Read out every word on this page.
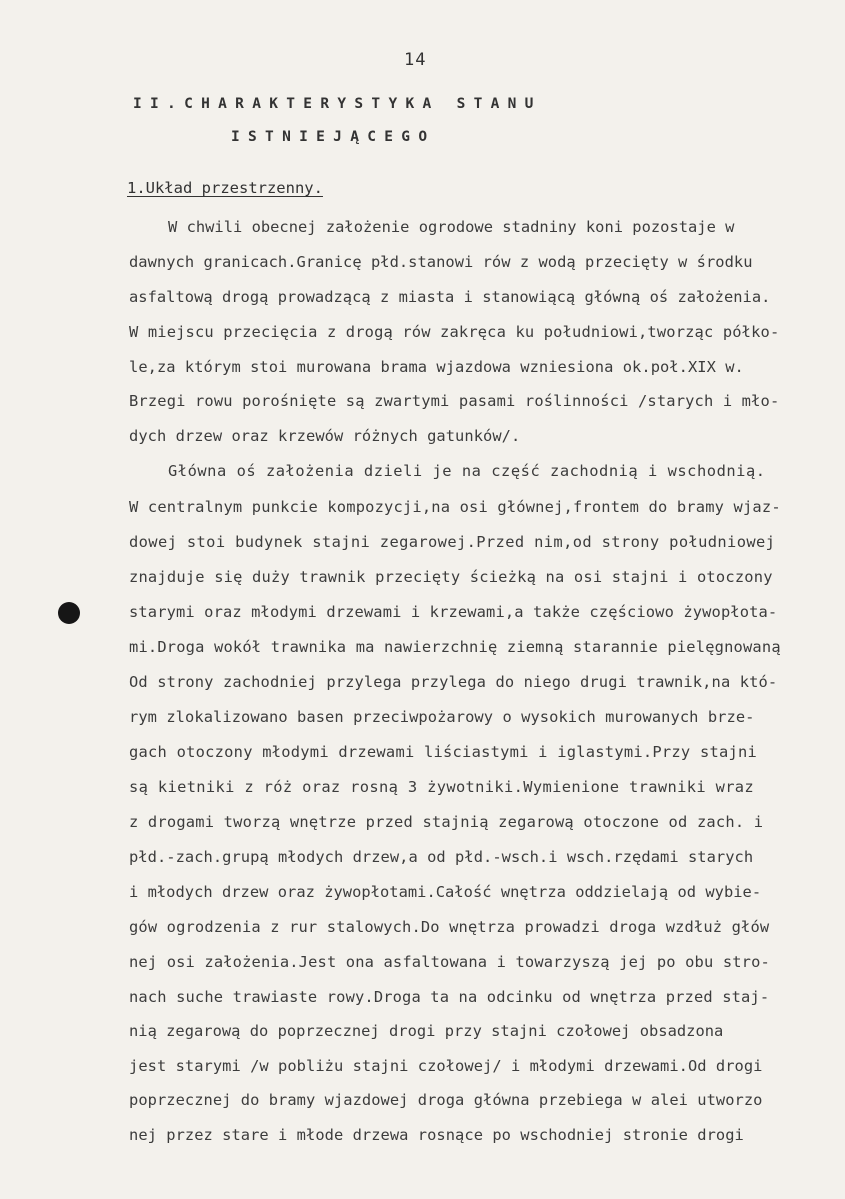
14
II.CHARAKTERYSTYKA STANU
ISTNIEJĄCEGO
1.Układ przestrzenny.
W chwili obecnej założenie ogrodowe stadniny koni pozostaje w
dawnych granicach.Granicę płd.stanowi rów z wodą przecięty w środku
asfaltową drogą prowadzącą z miasta i stanowiącą główną oś założenia.
W miejscu przecięcia z drogą rów zakręca ku południowi,tworząc półko-
le,za którym stoi murowana brama wjazdowa wzniesiona ok.poł.XIX w.
Brzegi rowu porośnięte są zwartymi pasami roślinności /starych i mło-
dych drzew oraz krzewów różnych gatunków/.
Główna oś założenia dzieli je na część zachodnią i wschodnią.
W centralnym punkcie kompozycji,na osi głównej,frontem do bramy wjaz-
dowej stoi budynek stajni zegarowej.Przed nim,od strony południowej
znajduje się duży trawnik przecięty ścieżką na osi stajni i otoczony
starymi oraz młodymi drzewami i krzewami,a także częściowo żywopłota-
mi.Droga wokół trawnika ma nawierzchnię ziemną starannie pielęgnowaną
Od strony zachodniej przylega przylega do niego drugi trawnik,na któ-
rym zlokalizowano basen przeciwpożarowy o wysokich murowanych brze-
gach otoczony młodymi drzewami liściastymi i iglastymi.Przy stajni
są kietniki z róż oraz rosną 3 żywotniki.Wymienione trawniki wraz
z drogami tworzą wnętrze przed stajnią zegarową otoczone od zach. i
płd.-zach.grupą młodych drzew,a od płd.-wsch.i wsch.rzędami starych
i młodych drzew oraz żywopłotami.Całość wnętrza oddzielają od wybie-
gów ogrodzenia z rur stalowych.Do wnętrza prowadzi droga wzdłuż głów
nej osi założenia.Jest ona asfaltowana i towarzyszą jej po obu stro-
nach suche trawiaste rowy.Droga ta na odcinku od wnętrza przed staj-
nią zegarową do poprzecznej drogi przy stajni czołowej obsadzona
jest starymi /w pobliżu stajni czołowej/ i młodymi drzewami.Od drogi
poprzecznej do bramy wjazdowej droga główna przebiega w alei utworzo
nej przez stare i młode drzewa rosnące po wschodniej stronie drogi
